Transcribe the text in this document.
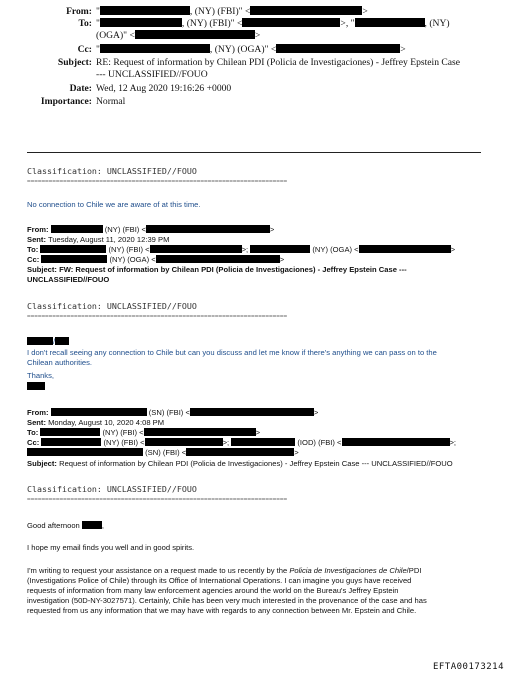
From: "	, (NY) (FBI)" <	>
To: "	, (NY) (FBI)" <	>, "	, (NY)
(OGA)" <	>
Cc: "	, (NY) (OGA)" <	>
Subject: RE: Request of information by Chilean PDI (Policia de Investigaciones) - Jeffrey Epstein Case
--- UNCLASSIFIED//FOUO
Date: Wed, 12 Aug 2020 19:16:26 +0000
Importance: Normal
Classification: UNCLASSIFIED//FOUO
========================================================================
No connection to Chile we are aware of at this time.
From:	(NY) (FBI) <	>
Sent: Tuesday, August 11, 2020 12:39 PM
To:	(NY) (FBI) <	>;	(NY) (OGA) <	>
Cc:	(NY) (OGA) <	>
Subject: FW: Request of information by Chilean PDI (Policia de Investigaciones) - Jeffrey Epstein Case ---
UNCLASSIFIED//FOUO
Classification: UNCLASSIFIED//FOUO
========================================================================
/
I don't recall seeing any connection to Chile but can you discuss and let me know if there's anything we can pass on to the
Chilean authorities.
Thanks,
From:	(SN) (FBI) <	>
Sent: Monday, August 10, 2020 4:08 PM
To:	(NY) (FBI) <	>
Cc:	(NY) (FBI) <	>;	(IOD) (FBI) <	>;
(SN) (FBI) <	>
Subject: Request of information by Chilean PDI (Policia de Investigaciones) - Jeffrey Epstein Case --- UNCLASSIFIED//FOUO
Classification: UNCLASSIFIED//FOUO
========================================================================
Good afternoon	,
I hope my email finds you well and in good spirits.
I'm writing to request your assistance on a request made to us recently by the Policia de Investigaciones de Chile/PDI
(Investigations Police of Chile) through its Office of International Operations. I can imagine you guys have received
requests of information from many law enforcement agencies around the world on the Bureau's Jeffrey Epstein
investigation (50D-NY-3027571). Certainly, Chile has been very much interested in the provenance of the case and has
requested from us any information that we may have with regards to any connection between Mr. Epstein and Chile.
EFTA00173214
